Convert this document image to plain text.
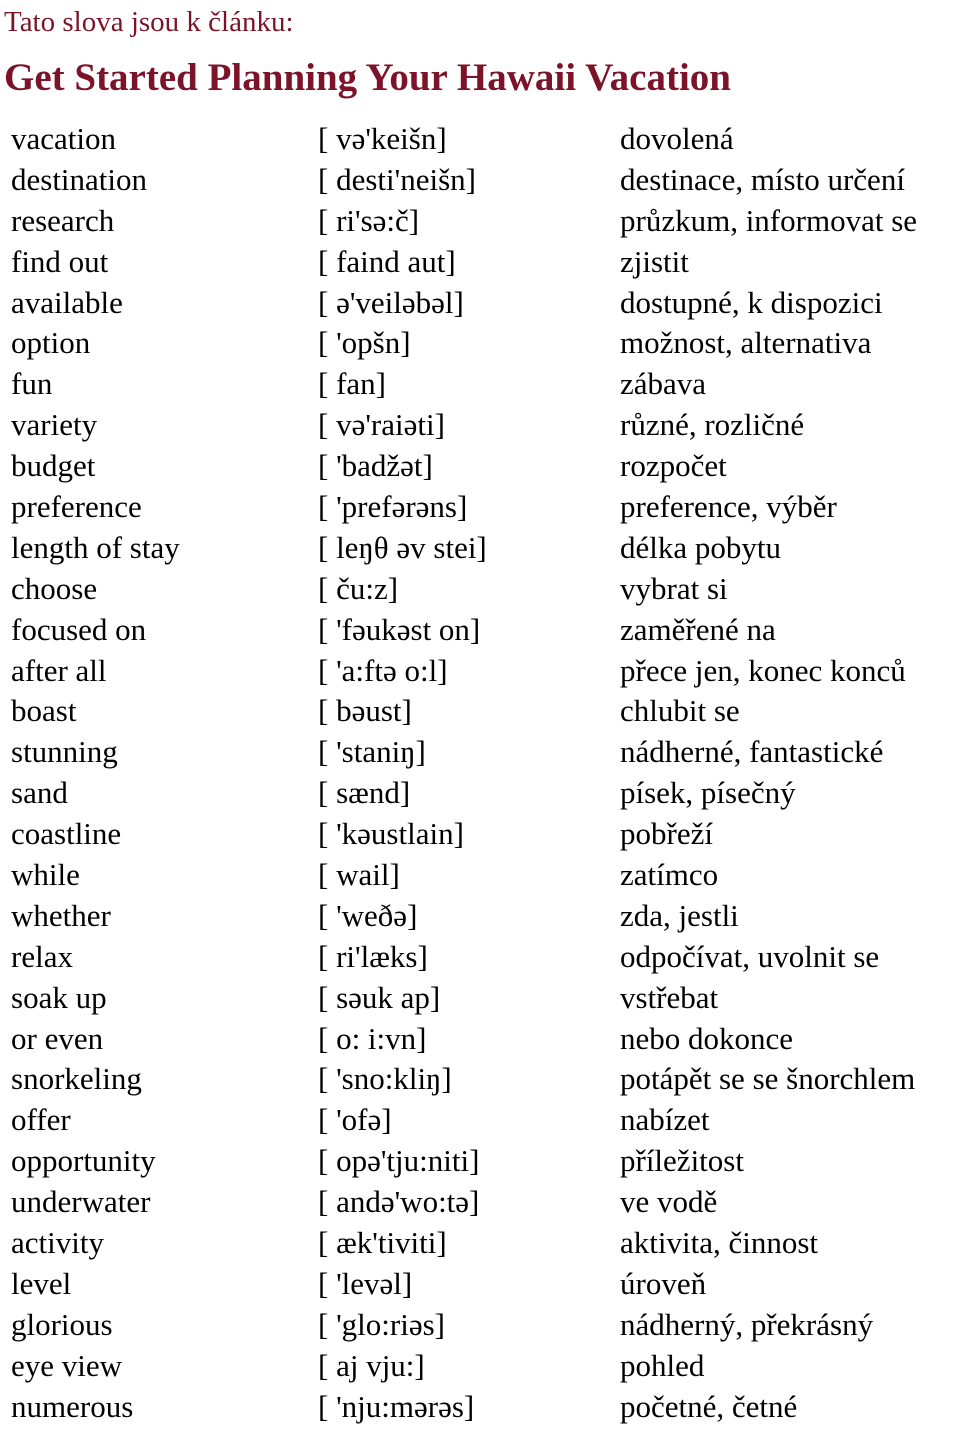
Tato slova jsou k článku:
Get Started Planning Your Hawaii Vacation
vacation	[ və'keišn]	dovolená
destination	[ desti'neišn]	destinace, místo určení
research	[ ri'sə:č]	průzkum, informovat se
find out	[ faind aut]	zjistit
available	[ ə'veiləbəl]	dostupné, k dispozici
option	[ 'opšn]	možnost, alternativa
fun	[ fan]	zábava
variety	[ və'raiəti]	různé, rozličné
budget	[ 'badžət]	rozpočet
preference	[ 'prefərəns]	preference, výběr
length of stay	[ leŋθ əv stei]	délka pobytu
choose	[ ču:z]	vybrat si
focused on	[ 'fəukəst on]	zaměřené na
after all	[ 'a:ftə o:l]	přece jen, konec konců
boast	[ bəust]	chlubit se
stunning	[ 'staniŋ]	nádherné, fantastické
sand	[ sænd]	písek, písečný
coastline	[ 'kəustlain]	pobřeží
while	[ wail]	zatímco
whether	[ 'weðə]	zda, jestli
relax	[ ri'læks]	odpočívat, uvolnit se
soak up	[ səuk ap]	vstřebat
or even	[ o: i:vn]	nebo dokonce
snorkeling	[ 'sno:kliŋ]	potápět se se šnorchlem
offer	[ 'ofə]	nabízet
opportunity	[ opə'tju:niti]	příležitost
underwater	[ andə'wo:tə]	ve vodě
activity	[ æk'tiviti]	aktivita, činnost
level	[ 'levəl]	úroveň
glorious	[ 'glo:riəs]	nádherný, překrásný
eye view	[ aj vju:]	pohled
numerous	[ 'nju:mərəs]	početné, četné
